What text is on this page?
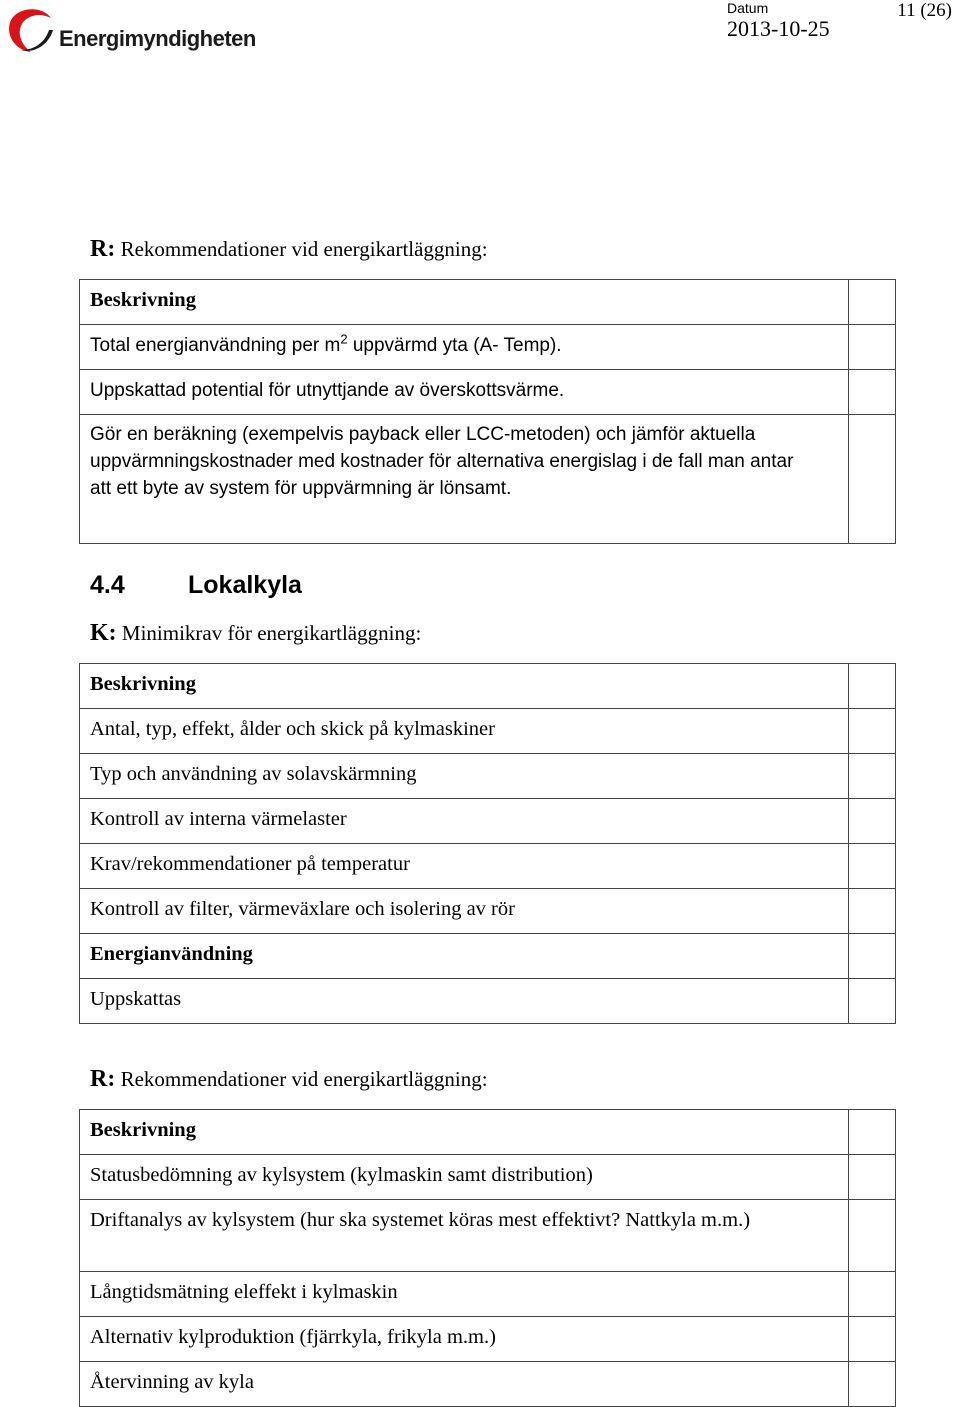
Energimyndigheten
Datum
2013-10-25
11 (26)
R: Rekommendationer vid energikartläggning:
Beskrivning	
Total energianvändning per $m^2$ uppvärmd yta (A- Temp).	
Uppskattad potential för utnyttjande av överskottsvärme.	
Gör en beräkning (exempelvis payback eller LCC-metoden) och jämför aktuella uppvärmningskostnader med kostnader för alternativa energislag i de fall man antar att ett byte av system för uppvärmning är lönsamt.	
4.4	Lokalkyla
K: Minimikrav för energikartläggning:
Beskrivning	
Antal, typ, effekt, ålder och skick på kylmaskiner	
Typ och användning av solavskärmning	
Kontroll av interna värmelaster	
Krav/rekommendationer på temperatur	
Kontroll av filter, värmeväxlare och isolering av rör	
Energianvändning	
Uppskattas	
R: Rekommendationer vid energikartläggning:
Beskrivning	
Statusbedömning av kylsystem (kylmaskin samt distribution)	
Driftanalys av kylsystem (hur ska systemet köras mest effektivt? Nattkyla m.m.)	
Långtidsmätning eleffekt i kylmaskin	
Alternativ kylproduktion (fjärrkyla, frikyla m.m.)	
Återvinning av kyla	
